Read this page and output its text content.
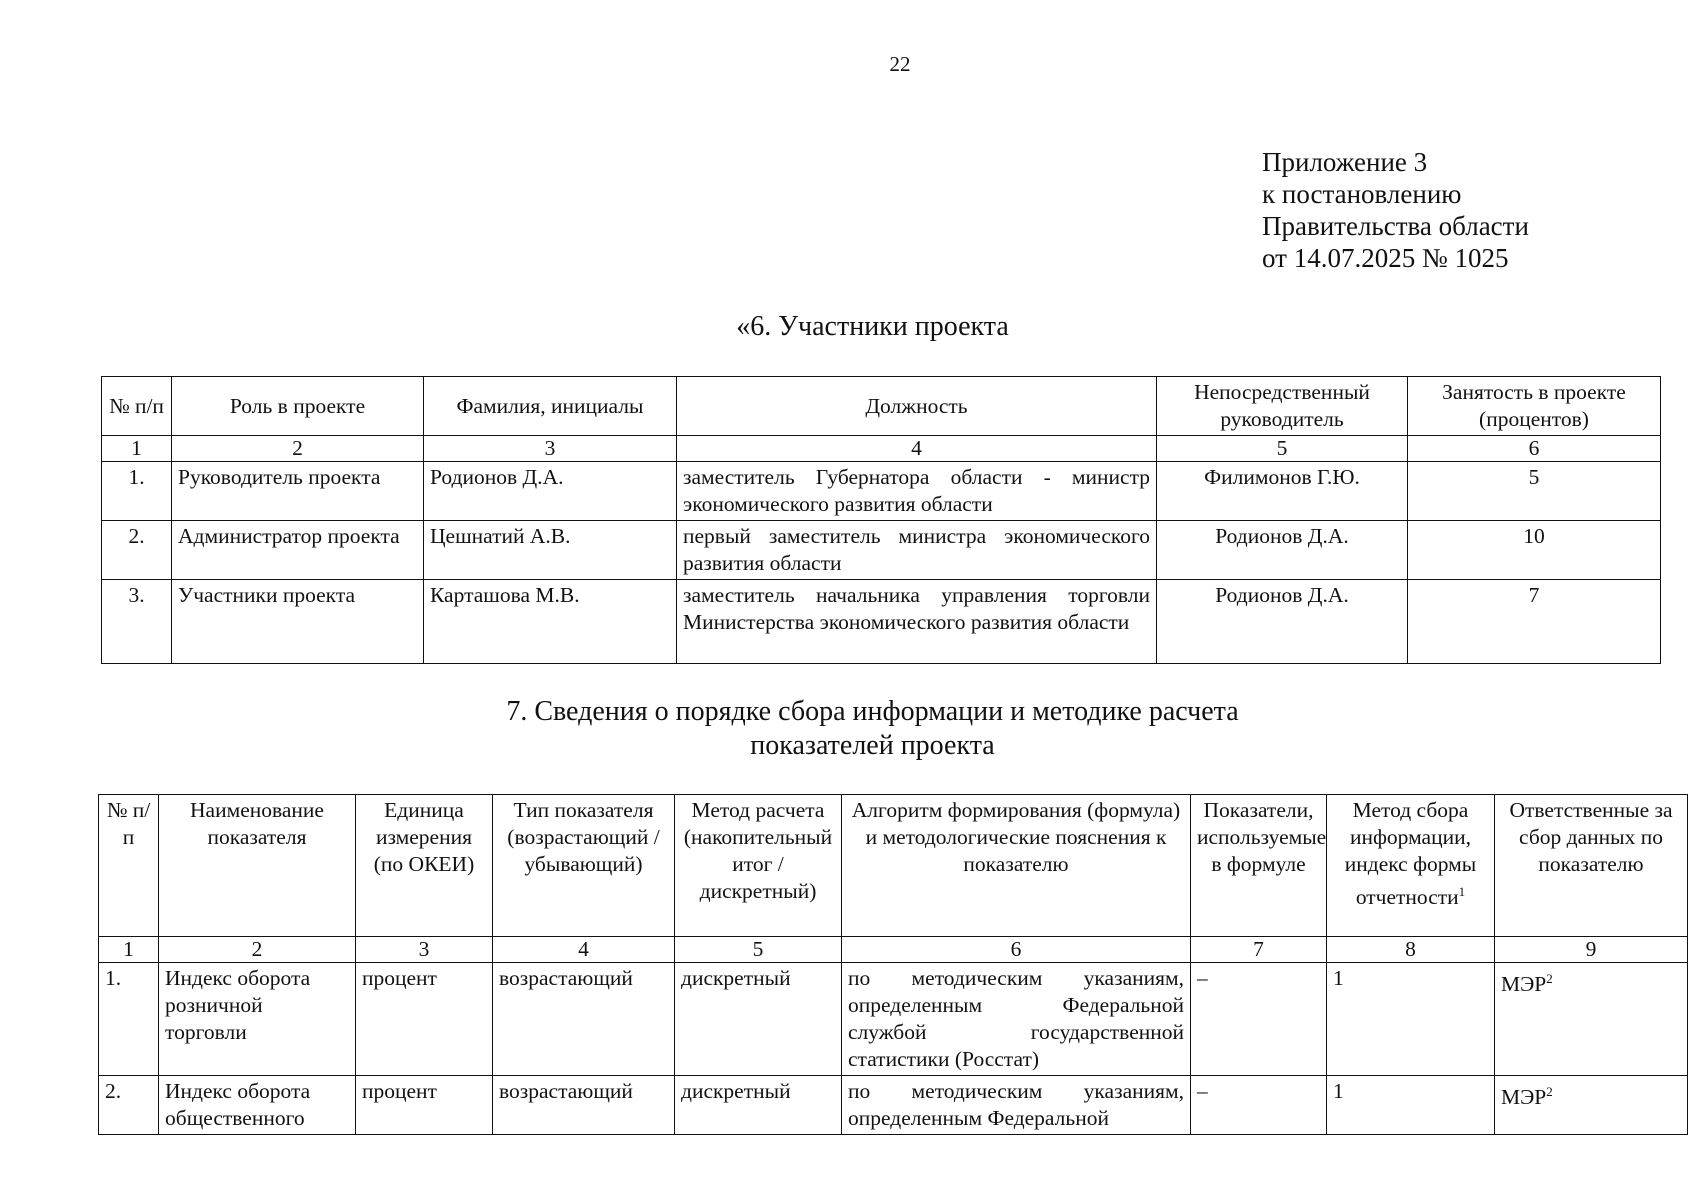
22
Приложение 3
к постановлению
Правительства области
от 14.07.2025 № 1025
«6. Участники проекта
№ п/п	Роль в проекте	Фамилия, инициалы	Должность	Непосредственный руководитель	Занятость в проекте (процентов)
1	2	3	4	5	6
1.	Руководитель проекта	Родионов Д.А.	заместитель Губернатора области - министр экономического развития области	Филимонов Г.Ю.	5
2.	Администратор проекта	Цешнатий А.В.	первый заместитель министра экономического развития области	Родионов Д.А.	10
3.	Участники проекта	Карташова М.В.	заместитель начальника управления торговли Министерства экономического развития области	Родионов Д.А.	7
7. Сведения о порядке сбора информации и методике расчета
показателей проекта
№ п/п	Наименование показателя	Единица измерения (по ОКЕИ)	Тип показателя (возрастающий / убывающий)	Метод расчета (накопительный итог / дискретный)	Алгоритм формирования (формула) и методологические пояснения к показателю	Показатели, используемые в формуле	Метод сбора информации, индекс формы отчетности$^1$	Ответственные за сбор данных по показателю
1	2	3	4	5	6	7	8	9
1.	Индекс оборота розничной торговли	процент	возрастающий	дискретный	по методическим указаниям, определенным Федеральной службой государственной статистики (Росстат)	–	1	МЭР$^2$
2.	Индекс оборота общественного	процент	возрастающий	дискретный	по методическим указаниям, определенным Федеральной	–	1	МЭР$^2$
